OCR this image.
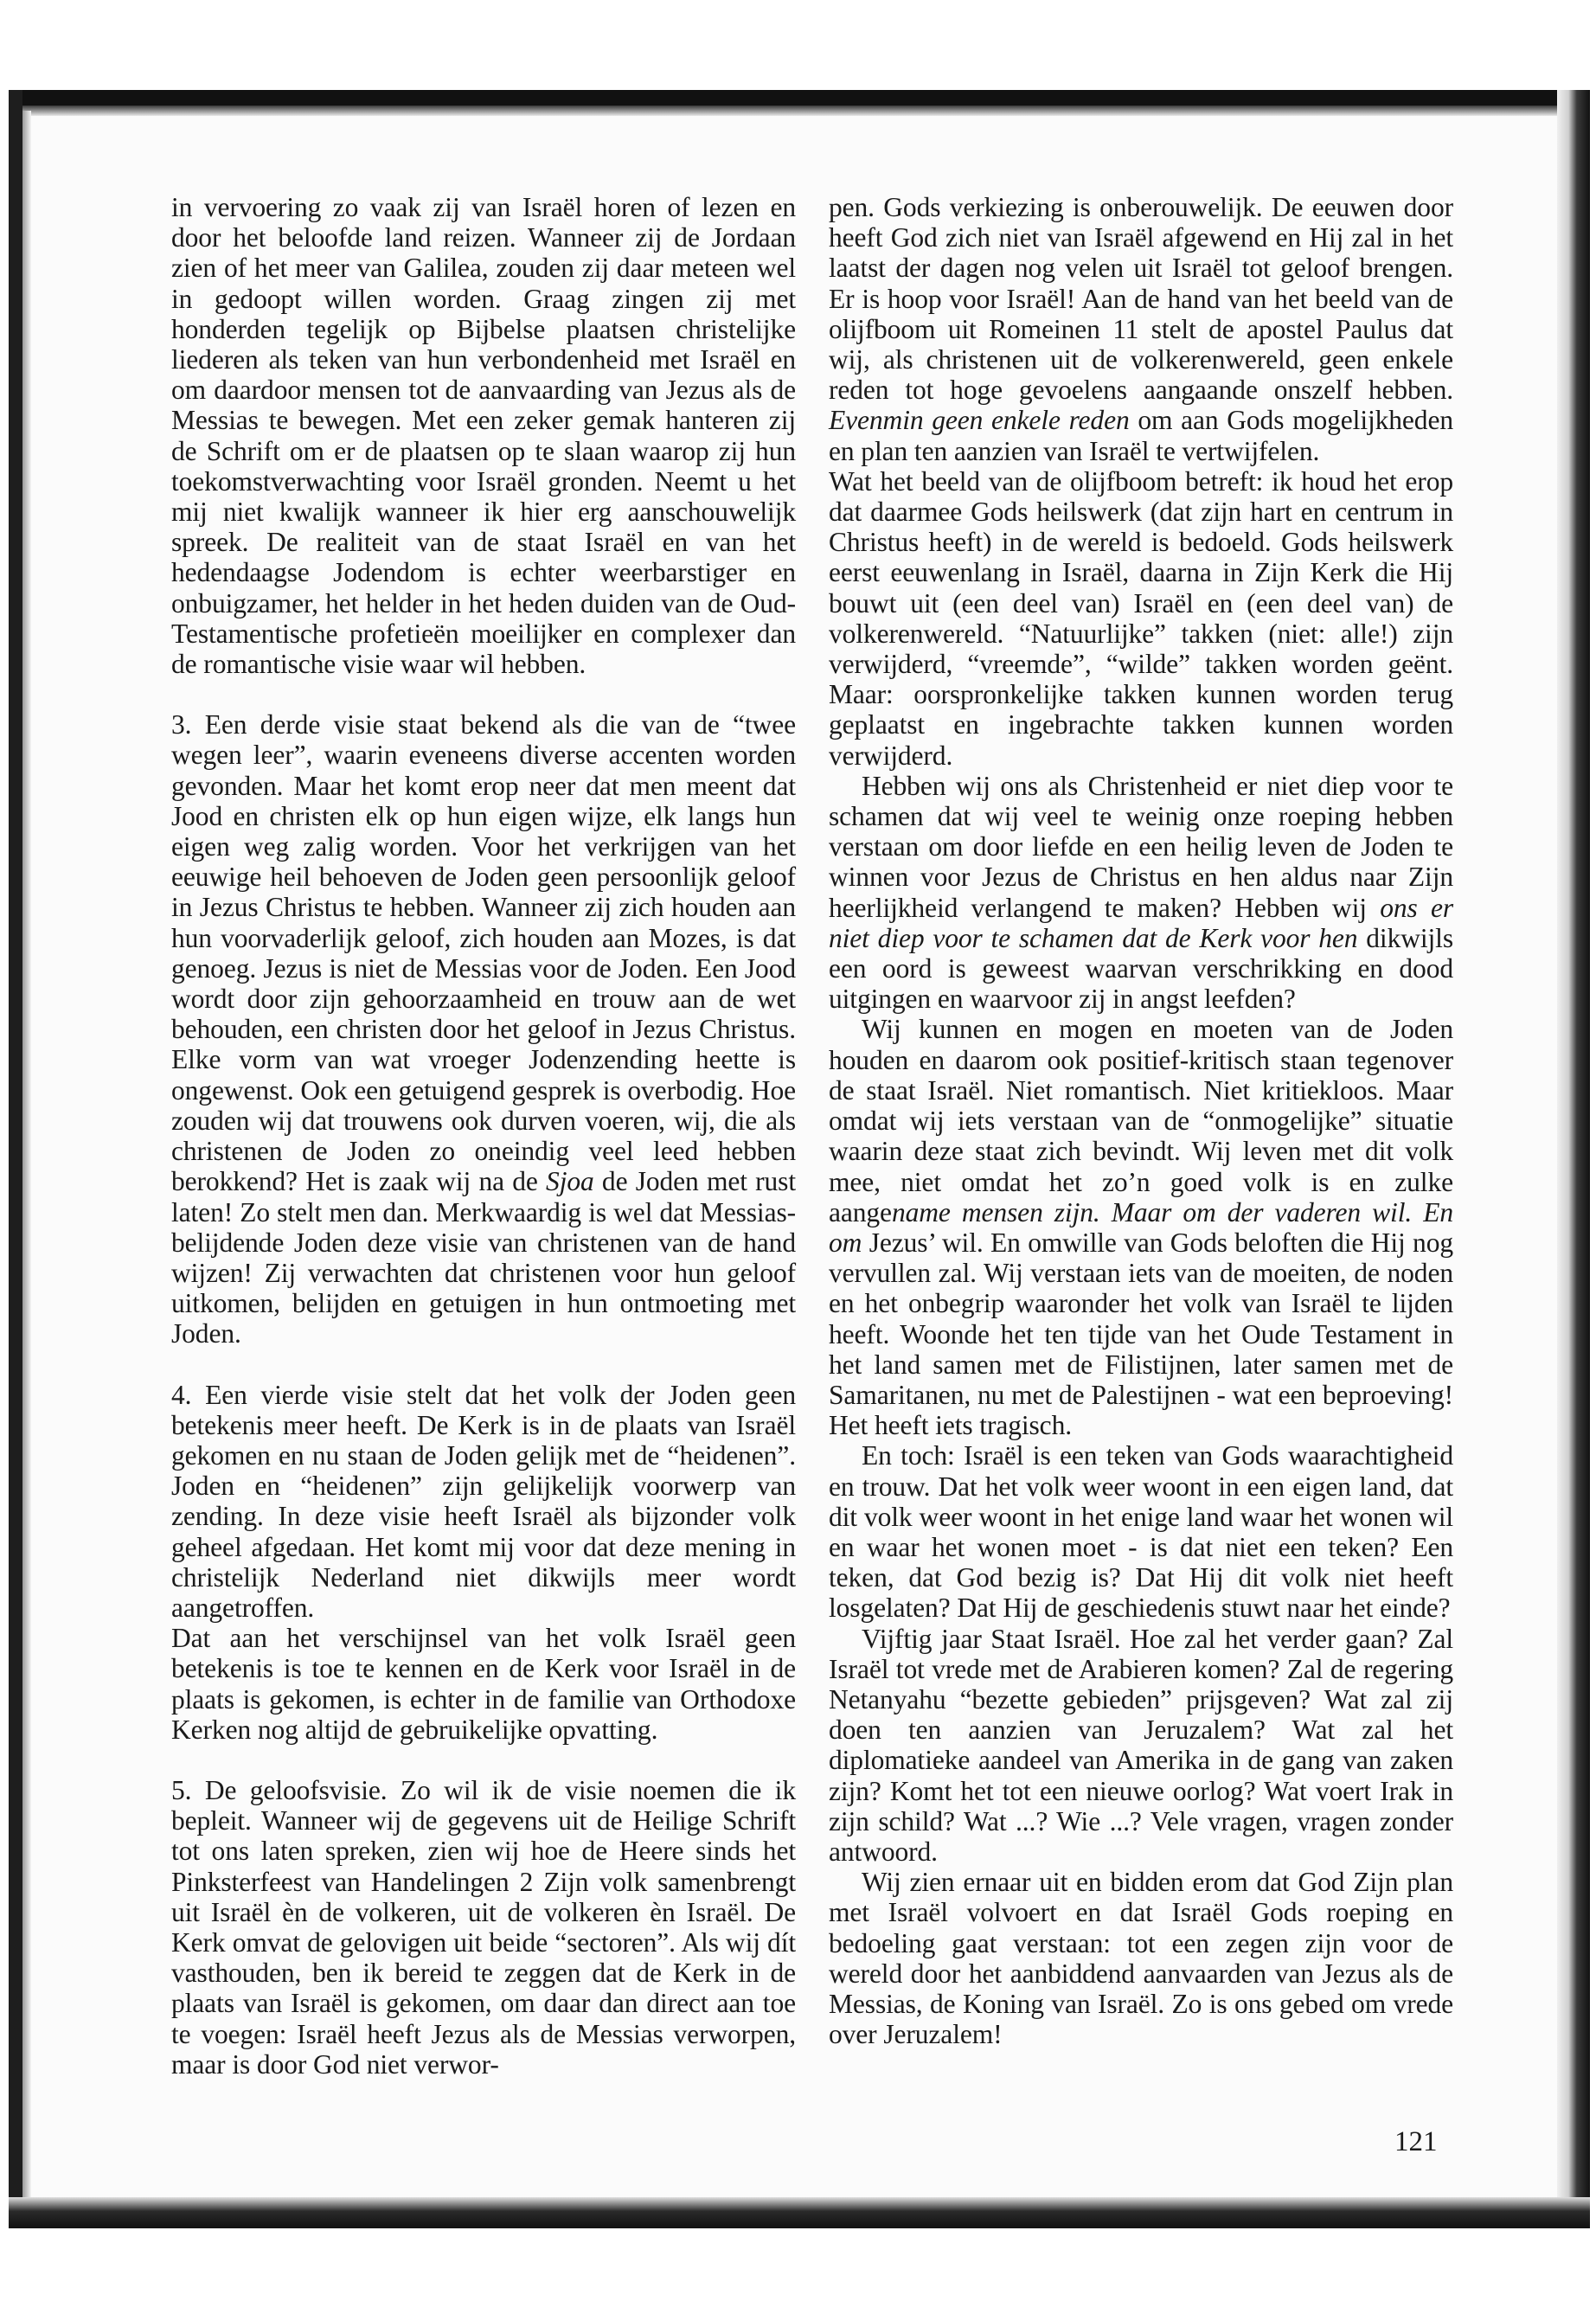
in vervoering zo vaak zij van Israël horen of lezen en door het beloofde land reizen. Wanneer zij de Jordaan zien of het meer van Galilea, zouden zij daar meteen wel in gedoopt willen worden. Graag zingen zij met honderden tegelijk op Bijbelse plaatsen christelijke liederen als teken van hun verbondenheid met Israël en om daardoor mensen tot de aanvaarding van Jezus als de Messias te bewegen. Met een zeker gemak hanteren zij de Schrift om er de plaatsen op te slaan waarop zij hun toekomstverwachting voor Israël gronden. Neemt u het mij niet kwalijk wanneer ik hier erg aanschouwelijk spreek. De realiteit van de staat Israël en van het hedendaagse Jodendom is echter weerbarstiger en onbuigzamer, het helder in het heden duiden van de Oud-Testamentische profetieën moeilijker en complexer dan de romantische visie waar wil hebben.

3. Een derde visie staat bekend als die van de “twee wegen leer”, waarin eveneens diverse accenten worden gevonden. Maar het komt erop neer dat men meent dat Jood en christen elk op hun eigen wijze, elk langs hun eigen weg zalig worden. Voor het verkrijgen van het eeuwige heil behoeven de Joden geen persoonlijk geloof in Jezus Christus te hebben. Wanneer zij zich houden aan hun voorvaderlijk geloof, zich houden aan Mozes, is dat genoeg. Jezus is niet de Messias voor de Joden. Een Jood wordt door zijn gehoorzaamheid en trouw aan de wet behouden, een christen door het geloof in Jezus Christus. Elke vorm van wat vroeger Jodenzending heette is ongewenst. Ook een getuigend gesprek is overbodig. Hoe zouden wij dat trouwens ook durven voeren, wij, die als christenen de Joden zo oneindig veel leed hebben berokkend? Het is zaak wij na de Sjoa de Joden met rust laten! Zo stelt men dan. Merkwaardig is wel dat Messias-belijdende Joden deze visie van christenen van de hand wijzen! Zij verwachten dat christenen voor hun geloof uitkomen, belijden en getuigen in hun ontmoeting met Joden.

4. Een vierde visie stelt dat het volk der Joden geen betekenis meer heeft. De Kerk is in de plaats van Israël gekomen en nu staan de Joden gelijk met de “heidenen”. Joden en “heidenen” zijn gelijkelijk voorwerp van zending. In deze visie heeft Israël als bijzonder volk geheel afgedaan. Het komt mij voor dat deze mening in christelijk Nederland niet dikwijls meer wordt aangetroffen.

Dat aan het verschijnsel van het volk Israël geen betekenis is toe te kennen en de Kerk voor Israël in de plaats is gekomen, is echter in de familie van Orthodoxe Kerken nog altijd de gebruikelijke opvatting.

5. De geloofsvisie. Zo wil ik de visie noemen die ik bepleit. Wanneer wij de gegevens uit de Heilige Schrift tot ons laten spreken, zien wij hoe de Heere sinds het Pinksterfeest van Handelingen 2 Zijn volk samenbrengt uit Israël èn de volkeren, uit de volkeren èn Israël. De Kerk omvat de gelovigen uit beide “sectoren”. Als wij dít vasthouden, ben ik bereid te zeggen dat de Kerk in de plaats van Israël is gekomen, om daar dan direct aan toe te voegen: Israël heeft Jezus als de Messias verworpen, maar is door God niet verwor-

pen. Gods verkiezing is onberouwelijk. De eeuwen door heeft God zich niet van Israël afgewend en Hij zal in het laatst der dagen nog velen uit Israël tot geloof brengen. Er is hoop voor Israël! Aan de hand van het beeld van de olijfboom uit Romeinen 11 stelt de apostel Paulus dat wij, als christenen uit de volkerenwereld, geen enkele reden tot hoge gevoelens aangaande onszelf hebben. Evenmin geen enkele reden om aan Gods mogelijkheden en plan ten aanzien van Israël te vertwijfelen.

Wat het beeld van de olijfboom betreft: ik houd het erop dat daarmee Gods heilswerk (dat zijn hart en centrum in Christus heeft) in de wereld is bedoeld. Gods heilswerk eerst eeuwenlang in Israël, daarna in Zijn Kerk die Hij bouwt uit (een deel van) Israël en (een deel van) de volkerenwereld. “Natuurlijke” takken (niet: alle!) zijn verwijderd, “vreemde”, “wilde” takken worden geënt. Maar: oorspronkelijke takken kunnen worden terug geplaatst en ingebrachte takken kunnen worden verwijderd.

Hebben wij ons als Christenheid er niet diep voor te schamen dat wij veel te weinig onze roeping hebben verstaan om door liefde en een heilig leven de Joden te winnen voor Jezus de Christus en hen aldus naar Zijn heerlijkheid verlangend te maken? Hebben wij ons er niet diep voor te schamen dat de Kerk voor hen dikwijls een oord is geweest waarvan verschrikking en dood uitgingen en waarvoor zij in angst leefden?

Wij kunnen en mogen en moeten van de Joden houden en daarom ook positief-kritisch staan tegenover de staat Israël. Niet romantisch. Niet kritiekloos. Maar omdat wij iets verstaan van de “onmogelijke” situatie waarin deze staat zich bevindt. Wij leven met dit volk mee, niet omdat het zo’n goed volk is en zulke aangename mensen zijn. Maar om der vaderen wil. En om Jezus’ wil. En omwille van Gods beloften die Hij nog vervullen zal. Wij verstaan iets van de moeiten, de noden en het onbegrip waaronder het volk van Israël te lijden heeft. Woonde het ten tijde van het Oude Testament in het land samen met de Filistijnen, later samen met de Samaritanen, nu met de Palestijnen - wat een beproeving! Het heeft iets tragisch.

En toch: Israël is een teken van Gods waarachtigheid en trouw. Dat het volk weer woont in een eigen land, dat dit volk weer woont in het enige land waar het wonen wil en waar het wonen moet - is dat niet een teken? Een teken, dat God bezig is? Dat Hij dit volk niet heeft losgelaten? Dat Hij de geschiedenis stuwt naar het einde?

Vijftig jaar Staat Israël. Hoe zal het verder gaan? Zal Israël tot vrede met de Arabieren komen? Zal de regering Netanyahu “bezette gebieden” prijsgeven? Wat zal zij doen ten aanzien van Jeruzalem? Wat zal het diplomatieke aandeel van Amerika in de gang van zaken zijn? Komt het tot een nieuwe oorlog? Wat voert Irak in zijn schild? Wat ...? Wie ...? Vele vragen, vragen zonder antwoord.

Wij zien ernaar uit en bidden erom dat God Zijn plan met Israël volvoert en dat Israël Gods roeping en bedoeling gaat verstaan: tot een zegen zijn voor de wereld door het aanbiddend aanvaarden van Jezus als de Messias, de Koning van Israël. Zo is ons gebed om vrede over Jeruzalem!

121
